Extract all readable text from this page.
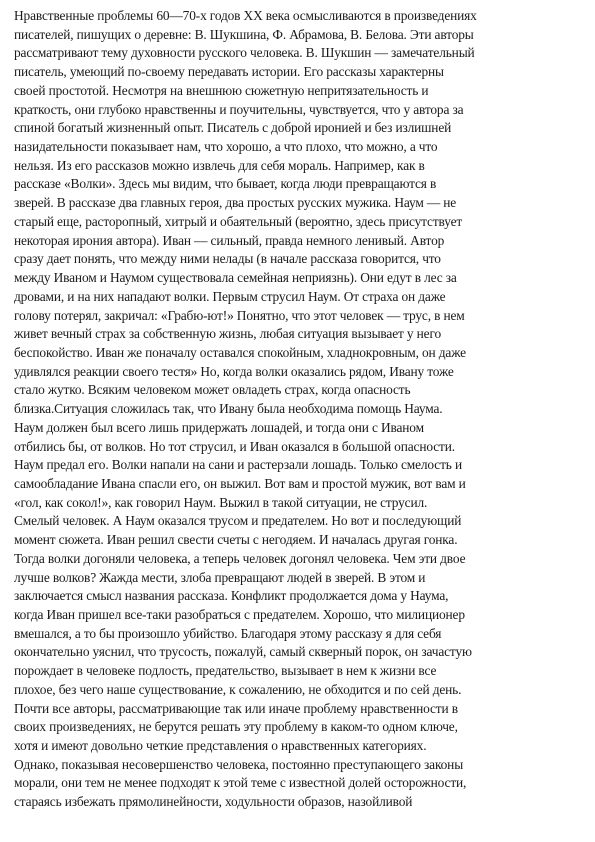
Нравственные проблемы 60—70-х годов XX века осмысливаются в произведениях
писателей, пишущих о деревне: В. Шукшина, Ф. Абрамова, В. Белова. Эти авторы
рассматривают тему духовности русского человека. В. Шукшин — замечательный
писатель, умеющий по-своему передавать истории. Его рассказы характерны
своей простотой. Несмотря на внешнюю сюжетную непритязательность и
краткость, они глубоко нравственны и поучительны, чувствуется, что у автора за
спиной богатый жизненный опыт. Писатель с доброй иронией и без излишней
назидательности показывает нам, что хорошо, а что плохо, что можно, а что
нельзя. Из его рассказов можно извлечь для себя мораль. Например, как в
рассказе «Волки». Здесь мы видим, что бывает, когда люди превращаются в
зверей. В рассказе два главных героя, два простых русских мужика. Наум — не
старый еще, расторопный, хитрый и обаятельный (вероятно, здесь присутствует
некоторая ирония автора). Иван — сильный, правда немного ленивый. Автор
сразу дает понять, что между ними нелады (в начале рассказа говорится, что
между Иваном и Наумом существовала семейная неприязнь). Они едут в лес за
дровами, и на них нападают волки. Первым струсил Наум. От страха он даже
голову потерял, закричал: «Грабю-ют!» Понятно, что этот человек — трус, в нем
живет вечный страх за собственную жизнь, любая ситуация вызывает у него
беспокойство. Иван же поначалу оставался спокойным, хладнокровным, он даже
удивлялся реакции своего тестя» Но, когда волки оказались рядом, Ивану тоже
стало жутко. Всяким человеком может овладеть страх, когда опасность
близка.Ситуация сложилась так, что Ивану была необходима помощь Наума.
Наум должен был всего лишь придержать лошадей, и тогда они с Иваном
отбились бы, от волков. Но тот струсил, и Иван оказался в большой опасности.
Наум предал его. Волки напали на сани и растерзали лошадь. Только смелость и
самообладание Ивана спасли его, он выжил. Вот вам и простой мужик, вот вам и
«гол, как сокол!», как говорил Наум. Выжил в такой ситуации, не струсил.
Смелый человек. А Наум оказался трусом и предателем. Но вот и последующий
момент сюжета. Иван решил свести счеты с негодяем. И началась другая гонка.
Тогда волки догоняли человека, а теперь человек догонял человека. Чем эти двое
лучше волков? Жажда мести, злоба превращают людей в зверей. В этом и
заключается смысл названия рассказа. Конфликт продолжается дома у Наума,
когда Иван пришел все-таки разобраться с предателем. Хорошо, что милиционер
вмешался, а то бы произошло убийство. Благодаря этому рассказу я для себя
окончательно уяснил, что трусость, пожалуй, самый скверный порок, он зачастую
порождает в человеке подлость, предательство, вызывает в нем к жизни все
плохое, без чего наше существование, к сожалению, не обходится и по сей день.
Почти все авторы, рассматривающие так или иначе проблему нравственности в
своих произведениях, не берутся решать эту проблему в каком-то одном ключе,
хотя и имеют довольно четкие представления о нравственных категориях.
Однако, показывая несовершенство человека, постоянно преступающего законы
морали, они тем не менее подходят к этой теме с известной долей осторожности,
стараясь избежать прямолинейности, ходульности образов, назойливой
